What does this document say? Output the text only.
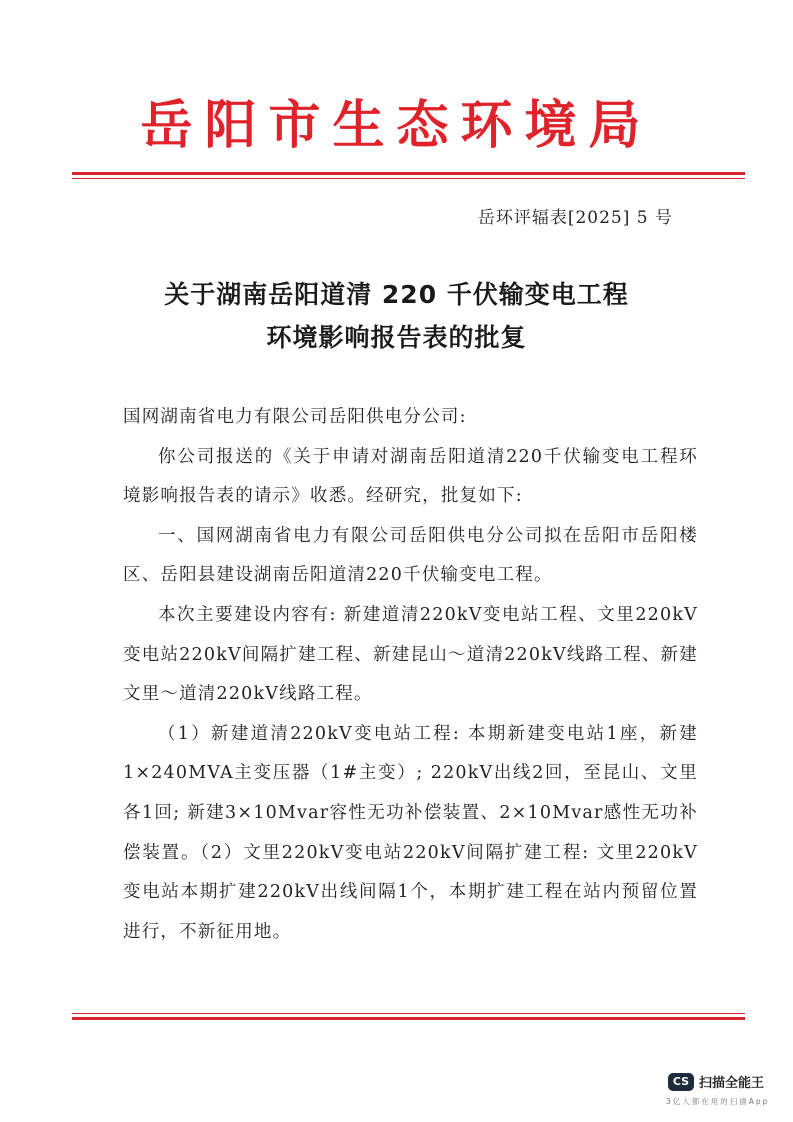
岳阳市生态环境局
岳环评辐表[2025] 5 号
关于湖南岳阳道清 220 千伏输变电工程
环境影响报告表的批复

国网湖南省电力有限公司岳阳供电分公司:

你公司报送的《关于申请对湖南岳阳道清220千伏输变电工程环境影响报告表的请示》收悉。经研究，批复如下:

一、国网湖南省电力有限公司岳阳供电分公司拟在岳阳市岳阳楼区、岳阳县建设湖南岳阳道清220千伏输变电工程。

本次主要建设内容有: 新建道清220kV变电站工程、文里220kV变电站220kV间隔扩建工程、新建昆山～道清220kV线路工程、新建文里～道清220kV线路工程。

（1）新建道清220kV变电站工程: 本期新建变电站1座，新建1×240MVA主变压器（1#主变）; 220kV出线2回，至昆山、文里各1回; 新建3×10Mvar容性无功补偿装置、2×10Mvar感性无功补偿装置。（2）文里220kV变电站220kV间隔扩建工程: 文里220kV变电站本期扩建220kV出线间隔1个，本期扩建工程在站内预留位置进行，不新征用地。

CS 扫描全能王
3亿人都在用的扫描App
